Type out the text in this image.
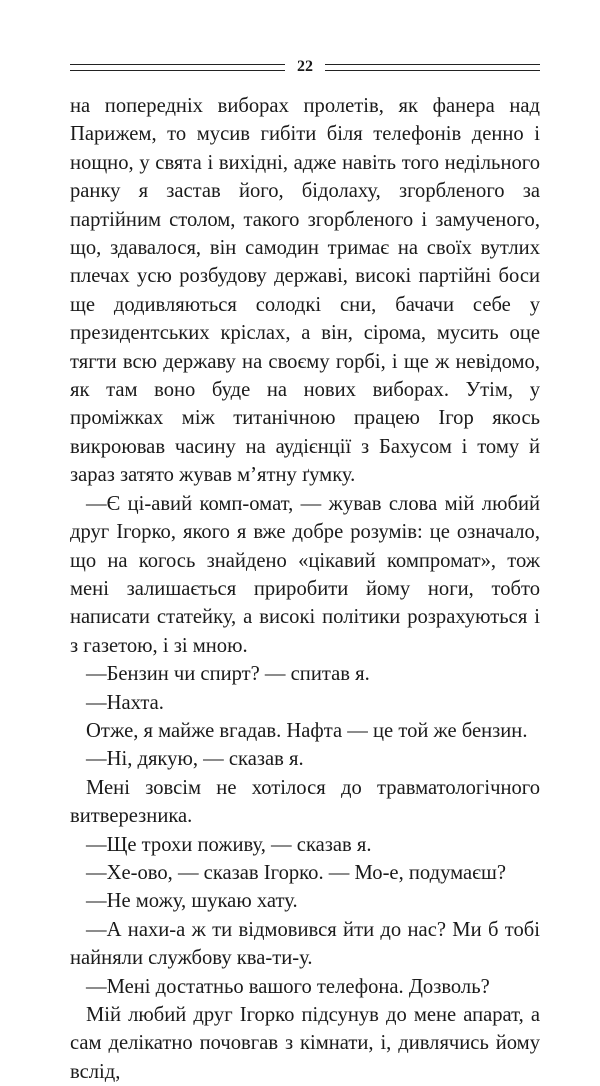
22

на попередніх виборах пролетів, як фанера над Парижем, то мусив гибіти біля телефонів денно і нощно, у свята і вихідні, адже навіть того недільного ранку я застав його, бідолаху, згорбленого за партійним столом, такого згорбленого і замученого, що, здавалося, він самодин тримає на своїх вутлих плечах усю розбудову державі, високі партійні боси ще додивляються солодкі сни, бачачи себе у президентських кріслах, а він, сірома, мусить оце тягти всю державу на своєму горбі, і ще ж невідомо, як там воно буде на нових виборах. Утім, у проміжках між титанічною працею Ігор якось викроював часину на аудієнції з Бахусом і тому й зараз затято жував м’ятну ґумку.

—Є ці-авий комп-омат, — жував слова мій любий друг Ігорко, якого я вже добре розумів: це означало, що на когось знайдено «цікавий компромат», тож мені залишається приробити йому ноги, тобто написати статейку, а високі політики розрахуються і з газетою, і зі мною.

—Бензин чи спирт? — спитав я.

—Нахта.

Отже, я майже вгадав. Нафта — це той же бензин.

—Ні, дякую, — сказав я.

Мені зовсім не хотілося до травматологічного витверезника.

—Ще трохи поживу, — сказав я.

—Хе-ово, — сказав Ігорко. — Мо-е, подумаєш?

—Не можу, шукаю хату.

—А нахи-а ж ти відмовився йти до нас? Ми б тобі найняли службову ква-ти-у.

—Мені достатньо вашого телефона. Дозволь?

Мій любий друг Ігорко підсунув до мене апарат, а сам делікатно почовгав з кімнати, і, дивлячись йому вслід,
